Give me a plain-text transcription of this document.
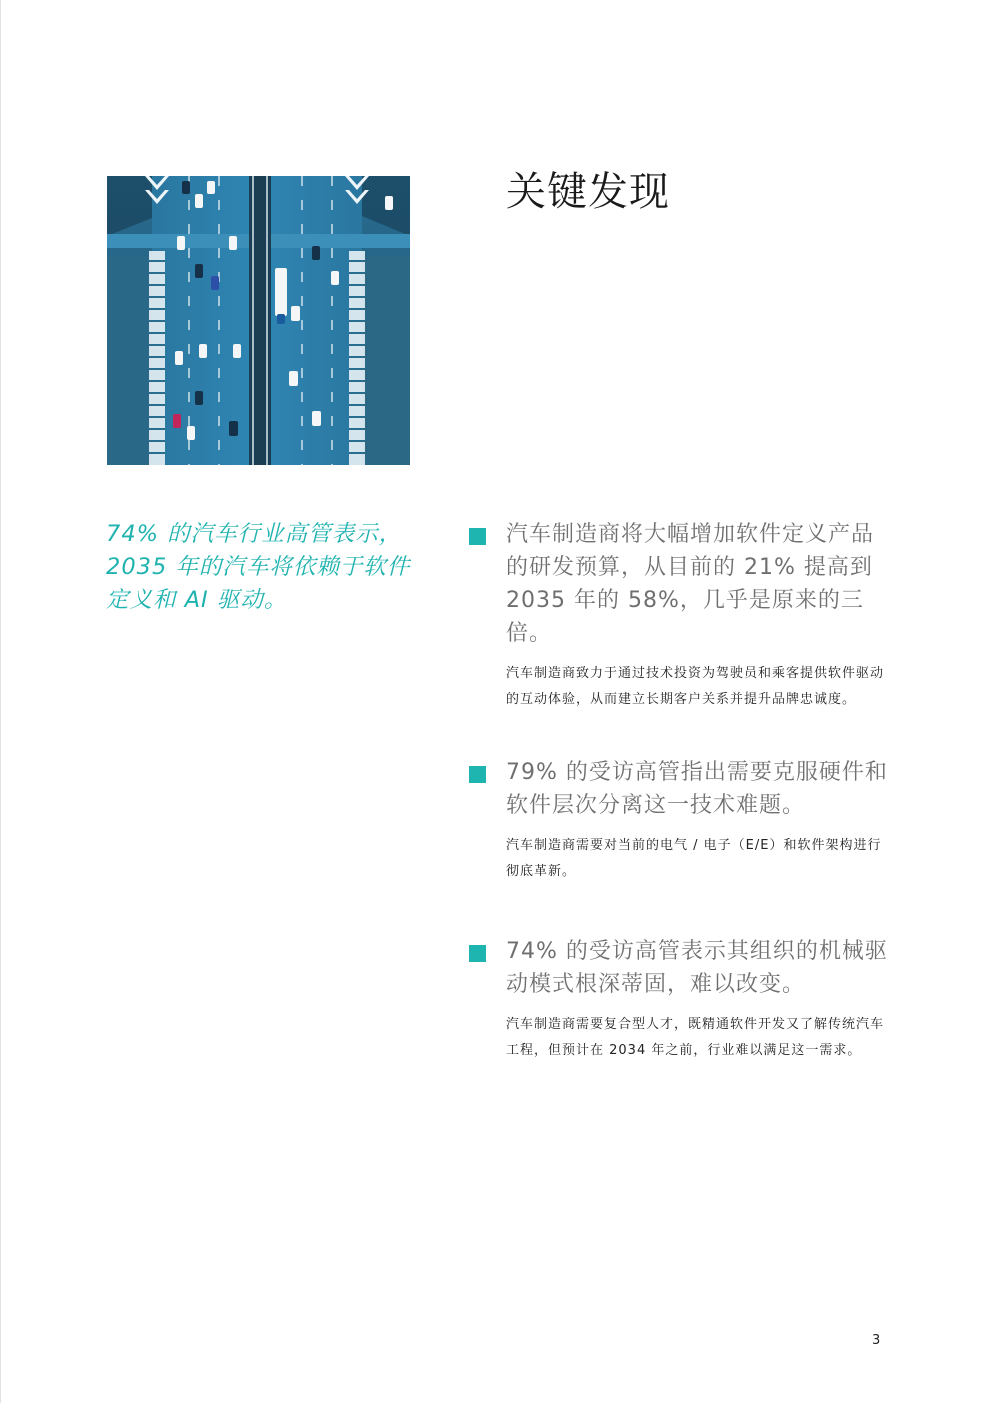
关键发现
74% 的汽车行业高管表示，2035 年的汽车将依赖于软件定义和 AI 驱动。
汽车制造商将大幅增加软件定义产品的研发预算，从目前的 21% 提高到 2035 年的 58%，几乎是原来的三倍。
汽车制造商致力于通过技术投资为驾驶员和乘客提供软件驱动的互动体验，从而建立长期客户关系并提升品牌忠诚度。
79% 的受访高管指出需要克服硬件和软件层次分离这一技术难题。
汽车制造商需要对当前的电气 / 电子（E/E）和软件架构进行彻底革新。
74% 的受访高管表示其组织的机械驱动模式根深蒂固，难以改变。
汽车制造商需要复合型人才，既精通软件开发又了解传统汽车工程，但预计在 2034 年之前，行业难以满足这一需求。
3
